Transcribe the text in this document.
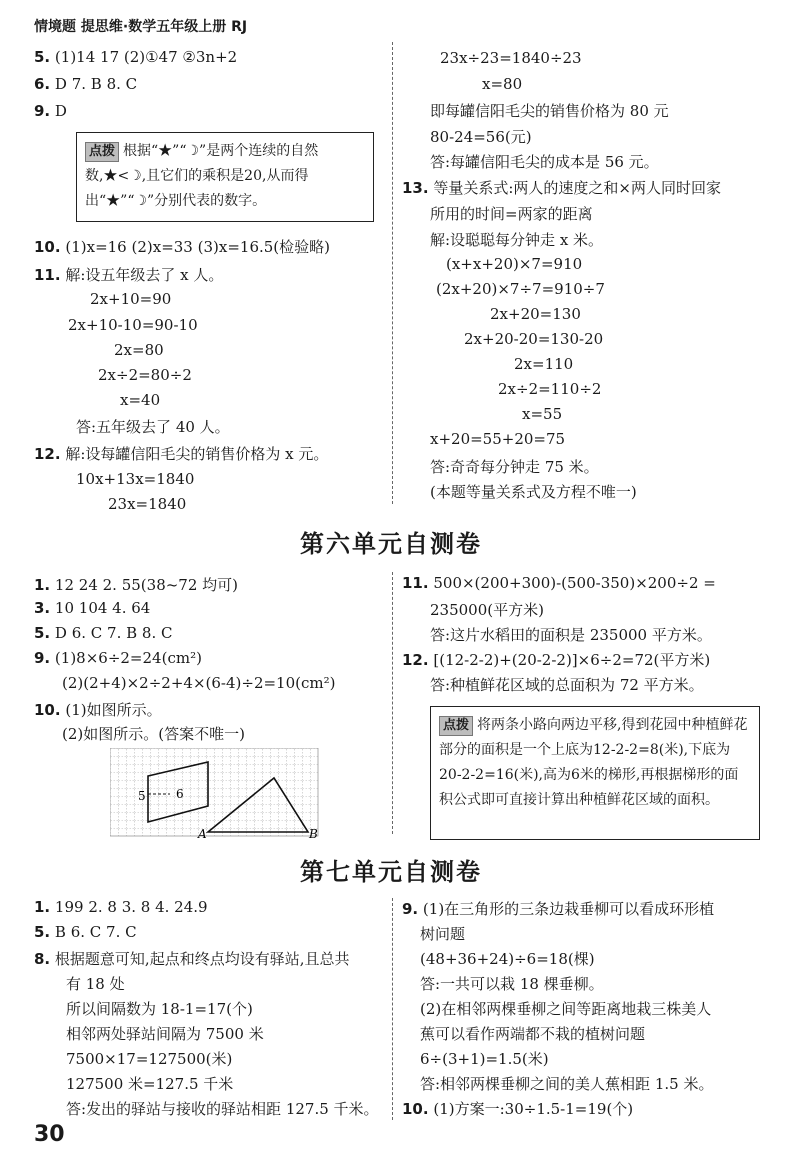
情境题 提思维·数学五年级上册 RJ
5. (1)14 17 (2)①47 ②3n+2
6. D 7. B 8. C
9. D
点拨 根据“★”“☽”是两个连续的自然数,★<☽,且它们的乘积是20,从而得出“★”“☽”分别代表的数字。
10. (1)x=16 (2)x=33 (3)x=16.5(检验略)
11. 解:设五年级去了 x 人。
2x+10=90
2x+10-10=90-10
2x=80
2x÷2=80÷2
x=40
答:五年级去了 40 人。
12. 解:设每罐信阳毛尖的销售价格为 x 元。
10x+13x=1840
23x=1840
23x÷23=1840÷23
x=80
即每罐信阳毛尖的销售价格为 80 元
80-24=56(元)
答:每罐信阳毛尖的成本是 56 元。
13. 等量关系式:两人的速度之和×两人同时回家
所用的时间=两家的距离
解:设聪聪每分钟走 x 米。
(x+x+20)×7=910
(2x+20)×7÷7=910÷7
2x+20=130
2x+20-20=130-20
2x=110
2x÷2=110÷2
x=55
x+20=55+20=75
答:奇奇每分钟走 75 米。
(本题等量关系式及方程不唯一)
第六单元自测卷
1. 12 24 2. 55(38~72 均可)
3. 10 104 4. 64
5. D 6. C 7. B 8. C
9. (1)8×6÷2=24(cm²)
(2)(2+4)×2÷2+4×(6-4)÷2=10(cm²)
10. (1)如图所示。
(2)如图所示。(答案不唯一)
5	6
A	B
11. 500×(200+300)-(500-350)×200÷2 =
235000(平方米)
答:这片水稻田的面积是 235000 平方米。
12. [(12-2-2)+(20-2-2)]×6÷2=72(平方米)
答:种植鲜花区域的总面积为 72 平方米。
点拨 将两条小路向两边平移,得到花园中种植鲜花部分的面积是一个上底为12-2-2=8(米),下底为20-2-2=16(米),高为6米的梯形,再根据梯形的面积公式即可直接计算出种植鲜花区域的面积。
第七单元自测卷
1. 199 2. 8 3. 8 4. 24.9
5. B 6. C 7. C
8. 根据题意可知,起点和终点均设有驿站,且总共
有 18 处
所以间隔数为 18-1=17(个)
相邻两处驿站间隔为 7500 米
7500×17=127500(米)
127500 米=127.5 千米
答:发出的驿站与接收的驿站相距 127.5 千米。
9. (1)在三角形的三条边栽垂柳可以看成环形植
树问题
(48+36+24)÷6=18(棵)
答:一共可以栽 18 棵垂柳。
(2)在相邻两棵垂柳之间等距离地栽三株美人
蕉可以看作两端都不栽的植树问题
6÷(3+1)=1.5(米)
答:相邻两棵垂柳之间的美人蕉相距 1.5 米。
10. (1)方案一:30÷1.5-1=19(个)
30
